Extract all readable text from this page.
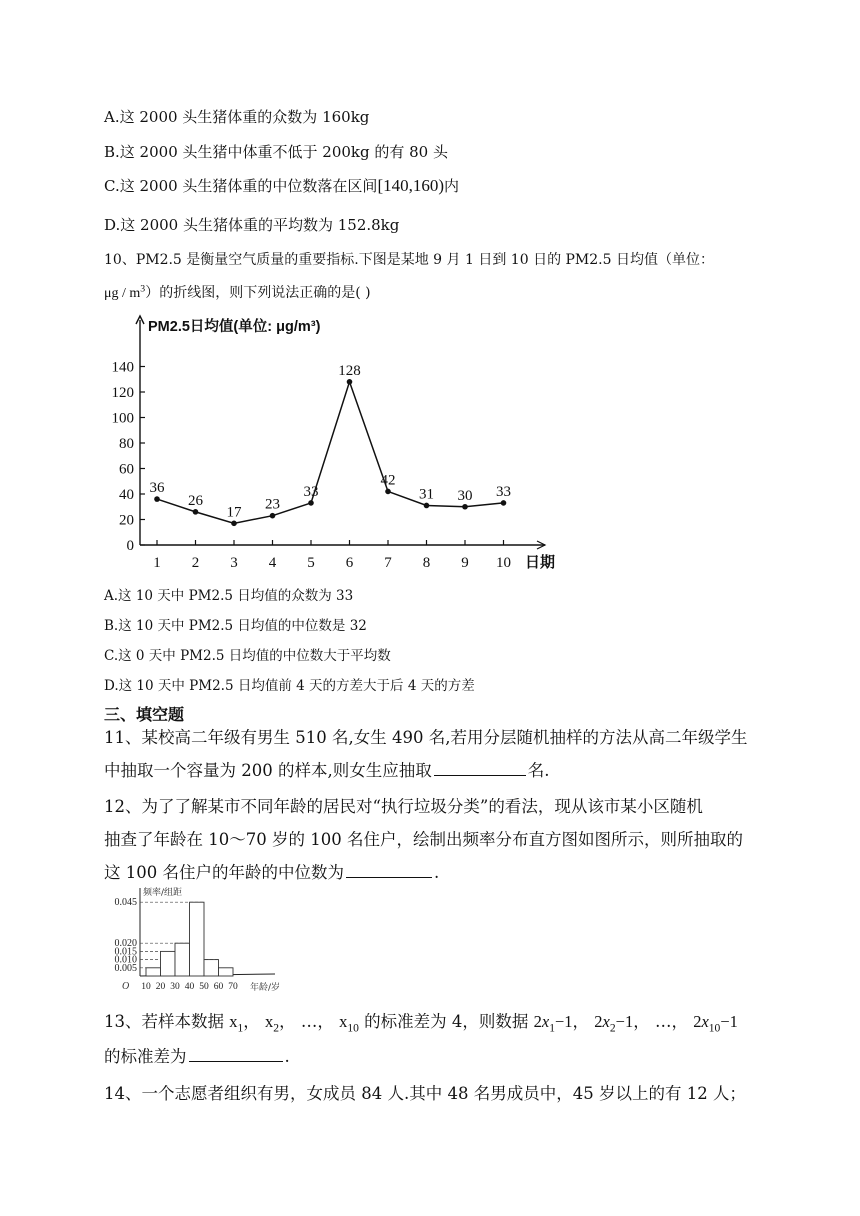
A.这 2000 头生猪体重的众数为 160kg
B.这 2000 头生猪中体重不低于 200kg 的有 80 头
C.这 2000 头生猪体重的中位数落在区间[140,160)内
D.这 2000 头生猪体重的平均数为 152.8kg
10、PM2.5 是衡量空气质量的重要指标.下图是某地 9 月 1 日到 10 日的 PM2.5 日均值（单位：
μg / $m^3$）的折线图，则下列说法正确的是( )
PM2.5日均值(单位: μg/m³)
日期
0
20
40
60
80
100
120
140
1 2 3 4 5 6 7 8 9 10
36
26
17 23
33
128
42
31 30 33
A.这 10 天中 PM2.5 日均值的众数为 33
B.这 10 天中 PM2.5 日均值的中位数是 32
C.这 0 天中 PM2.5 日均值的中位数大于平均数
D.这 10 天中 PM2.5 日均值前 4 天的方差大于后 4 天的方差
三、填空题
11、某校高二年级有男生 510 名,女生 490 名,若用分层随机抽样的方法从高二年级学生
中抽取一个容量为 200 的样本,则女生应抽取	名.
12、为了了解某市不同年龄的居民对“执行垃圾分类”的看法，现从该市某小区随机
抽查了年龄在 10～70 岁的 100 名住户，绘制出频率分布直方图如图所示，则所抽取的
这 100 名住户的年龄的中位数为	.
频率/组距
年龄/岁
O
0.045
0.020
0.015
0.010
0.005
10 20 30 40 50 60 70
13、若样本数据 $x_1$， $x_2$， …， $x_{10}$ 的标准差为 4，则数据 $2x_1-1$， $2x_2-1$， …， $2x_{10}-1$
的标准差为	.
14、一个志愿者组织有男，女成员 84 人.其中 48 名男成员中，45 岁以上的有 12 人；
